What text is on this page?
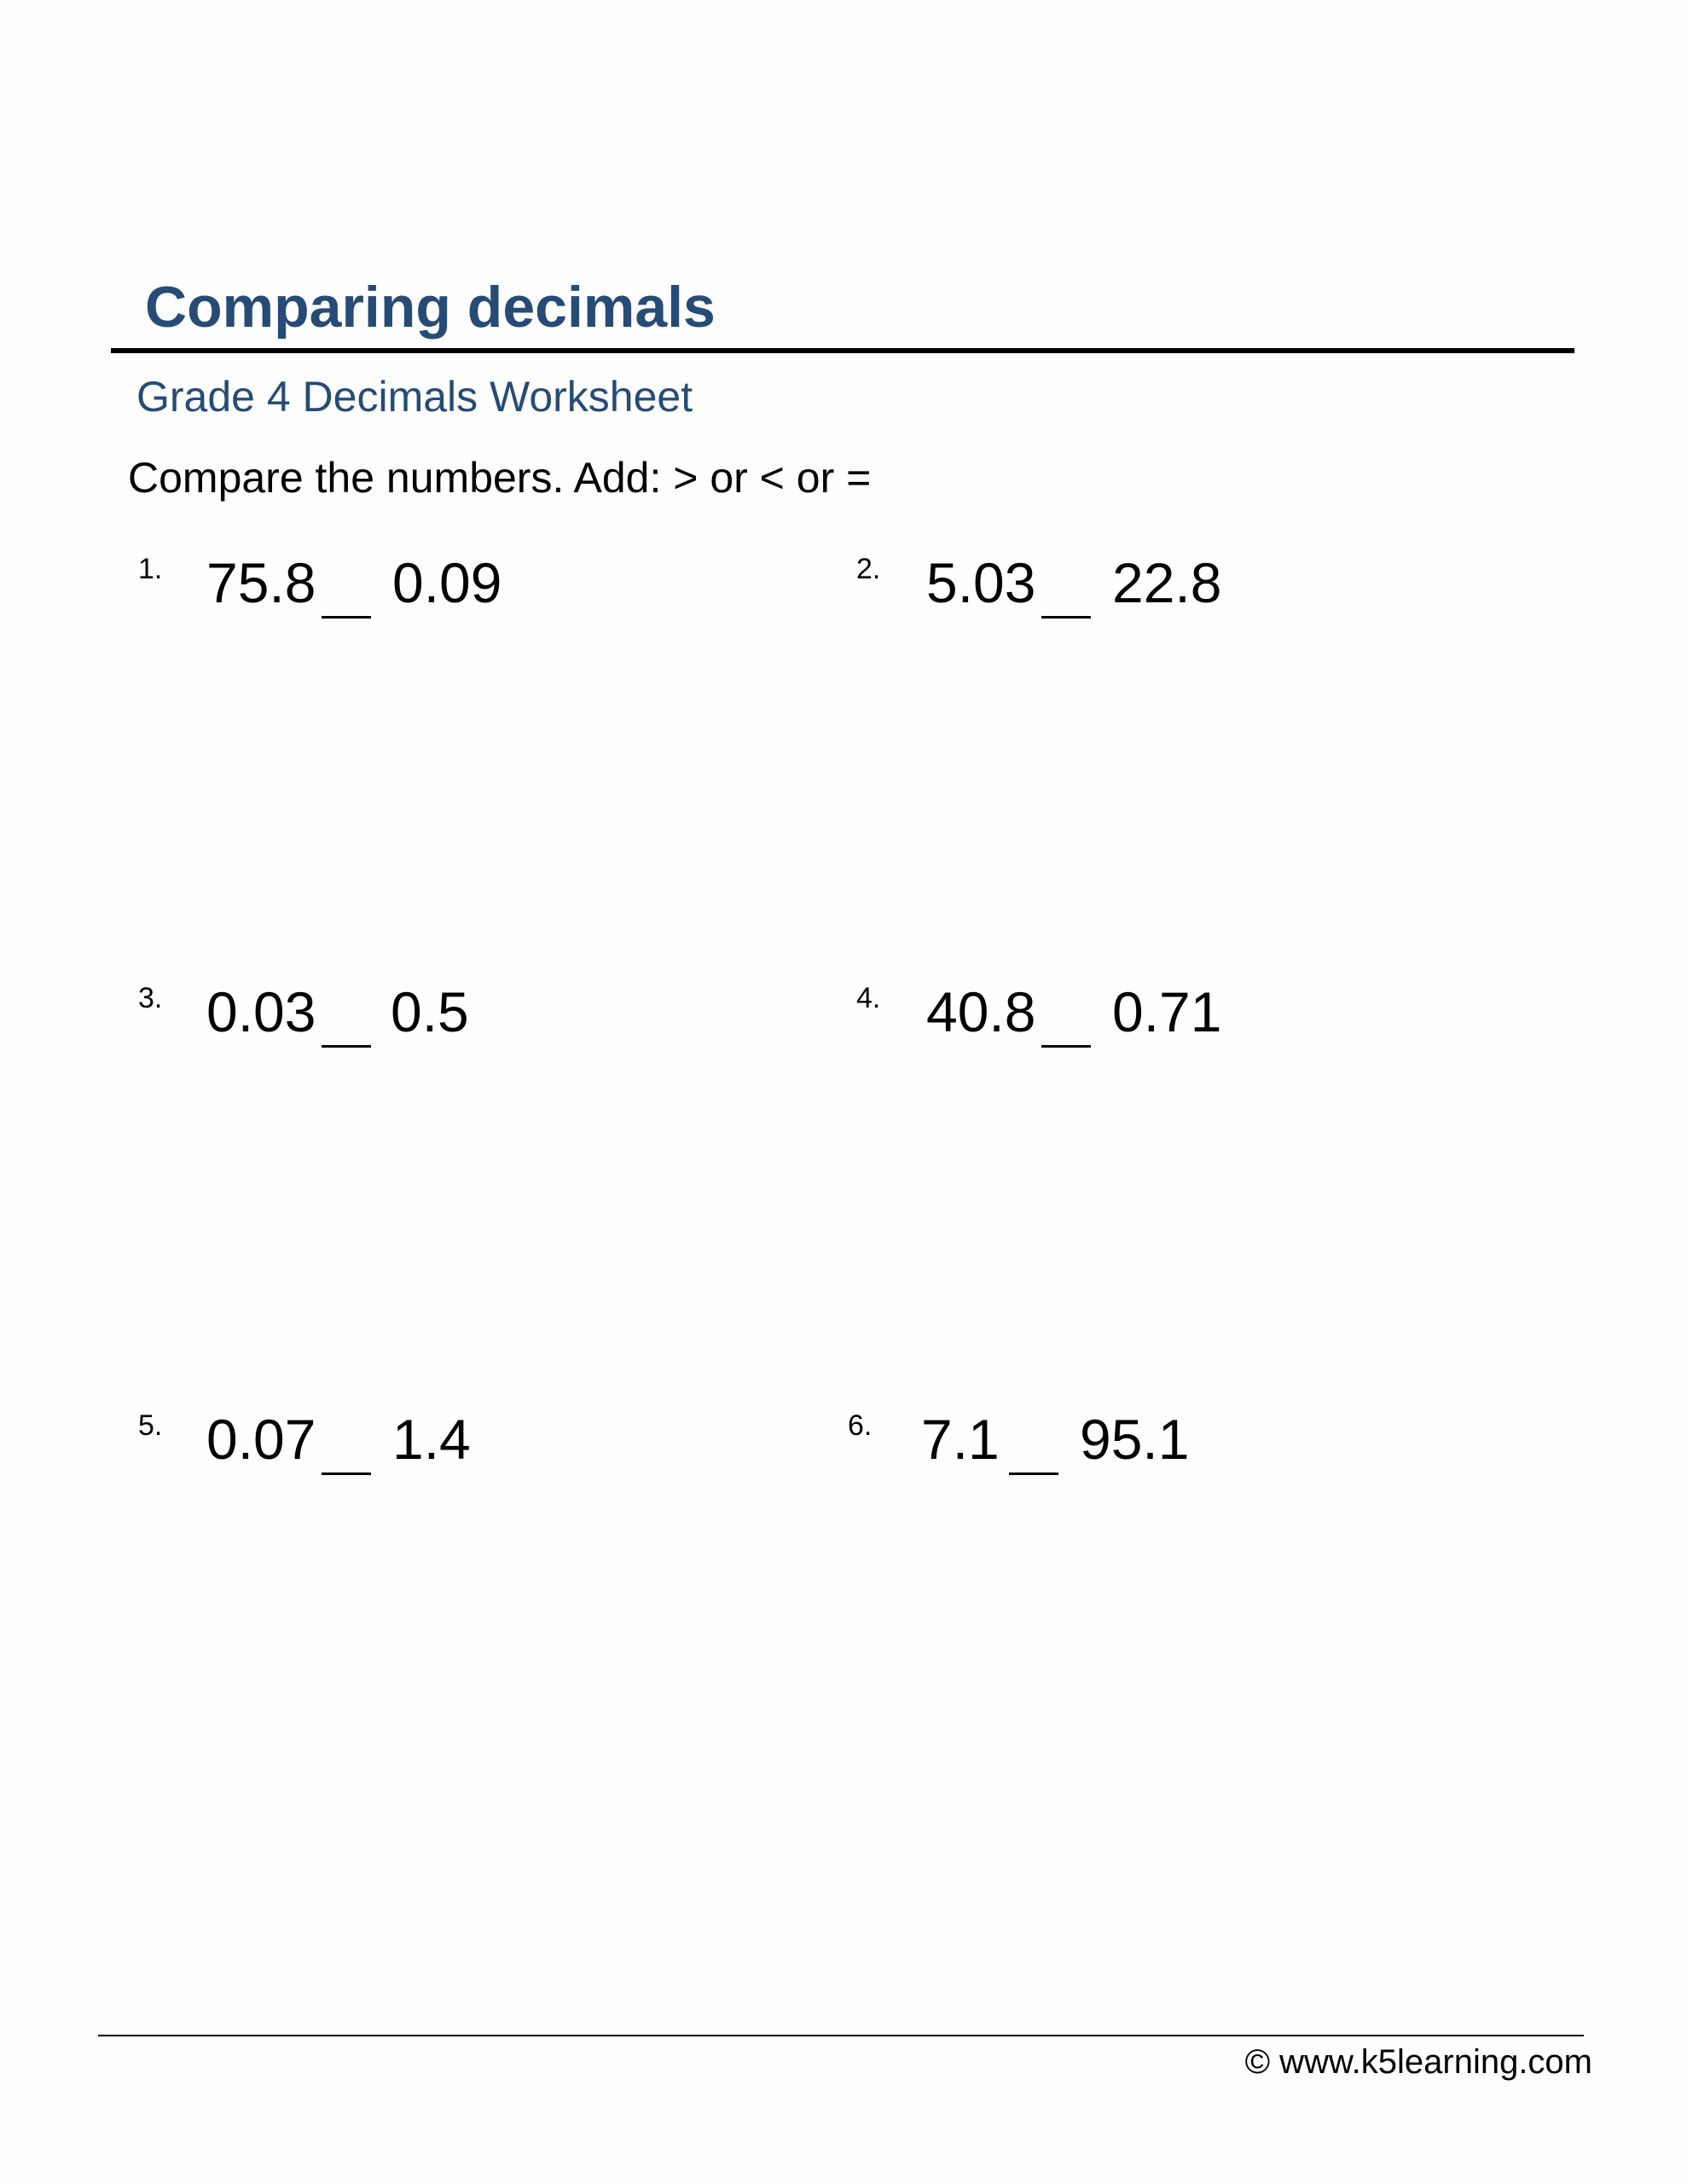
Comparing decimals
Grade 4 Decimals Worksheet
Compare the numbers. Add: > or < or =
1. 75.8 0.09	2. 5.03 22.8
3. 0.03 0.5	4. 40.8 0.71
5. 0.07 1.4	6. 7.1 95.1
© www.k5learning.com
